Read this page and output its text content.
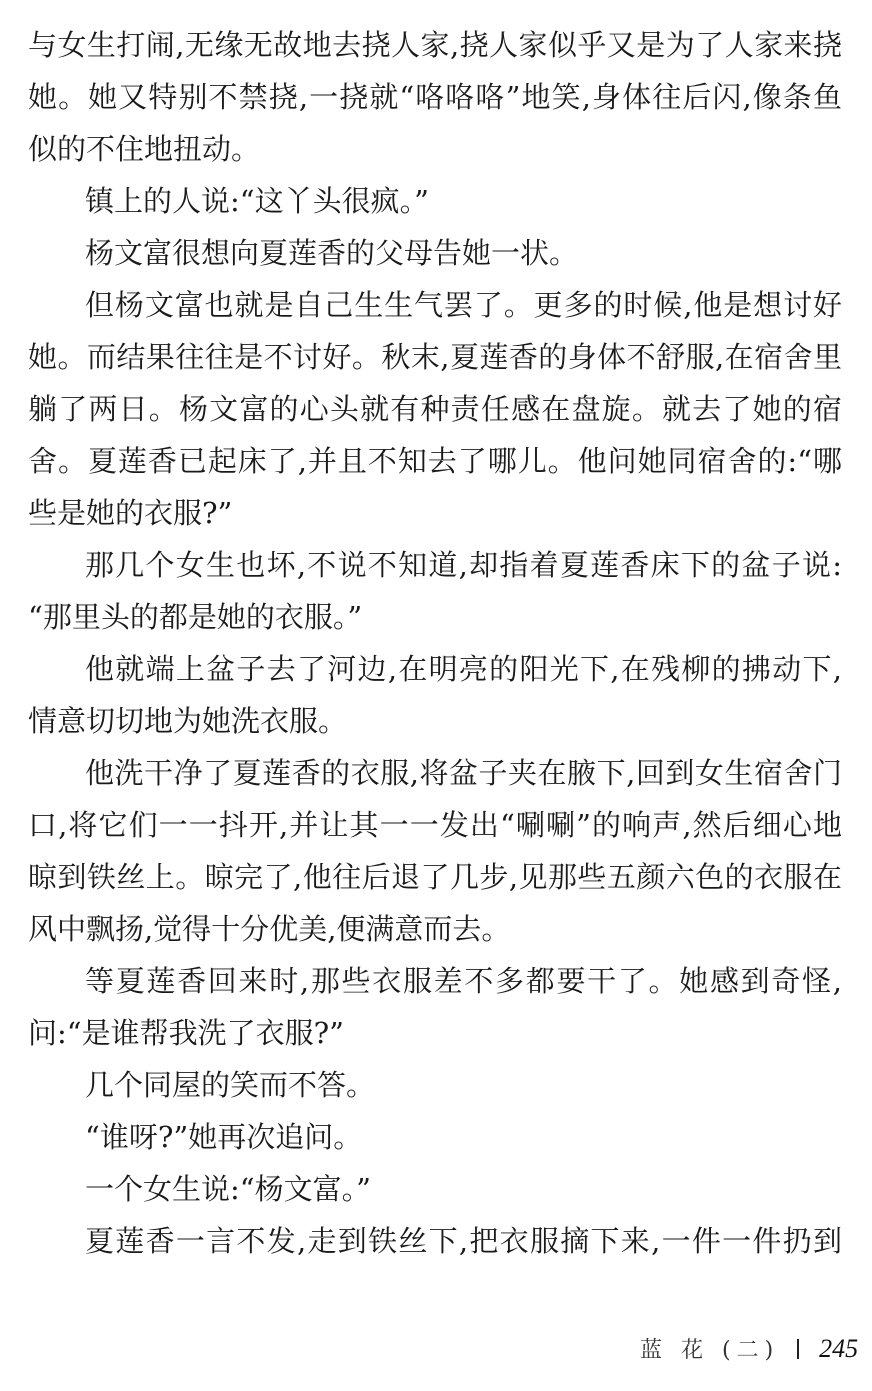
与女生打闹,无缘无故地去挠人家,挠人家似乎又是为了人家来挠
她。她又特别不禁挠,一挠就“咯咯咯”地笑,身体往后闪,像条鱼
似的不住地扭动。
镇上的人说:“这丫头很疯。”
杨文富很想向夏莲香的父母告她一状。
但杨文富也就是自己生生气罢了。更多的时候,他是想讨好
她。而结果往往是不讨好。秋末,夏莲香的身体不舒服,在宿舍里
躺了两日。杨文富的心头就有种责任感在盘旋。就去了她的宿
舍。夏莲香已起床了,并且不知去了哪儿。他问她同宿舍的:“哪
些是她的衣服?”
那几个女生也坏,不说不知道,却指着夏莲香床下的盆子说:
“那里头的都是她的衣服。”
他就端上盆子去了河边,在明亮的阳光下,在残柳的拂动下,
情意切切地为她洗衣服。
他洗干净了夏莲香的衣服,将盆子夹在腋下,回到女生宿舍门
口,将它们一一抖开,并让其一一发出“唰唰”的响声,然后细心地
晾到铁丝上。晾完了,他往后退了几步,见那些五颜六色的衣服在
风中飘扬,觉得十分优美,便满意而去。
等夏莲香回来时,那些衣服差不多都要干了。她感到奇怪,
问:“是谁帮我洗了衣服?”
几个同屋的笑而不答。
“谁呀?”她再次追问。
一个女生说:“杨文富。”
夏莲香一言不发,走到铁丝下,把衣服摘下来,一件一件扔到
蓝 花 (二) 245
